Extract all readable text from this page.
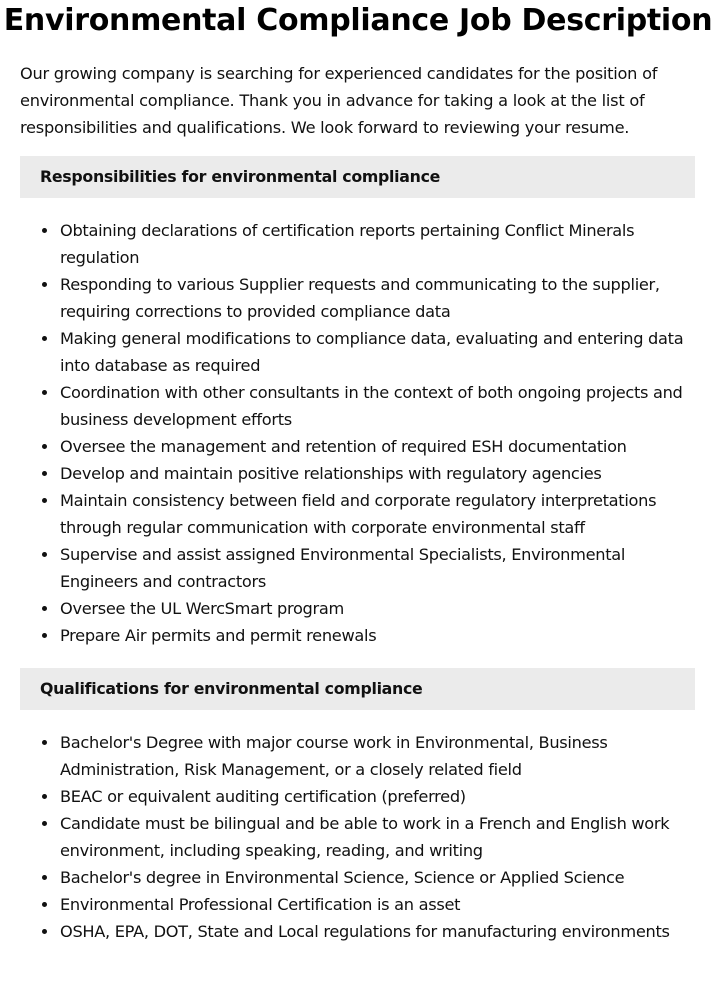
Environmental Compliance Job Description

Our growing company is searching for experienced candidates for the position of environmental compliance. Thank you in advance for taking a look at the list of responsibilities and qualifications. We look forward to reviewing your resume.

Responsibilities for environmental compliance
Obtaining declarations of certification reports pertaining Conflict Minerals regulation
Responding to various Supplier requests and communicating to the supplier, requiring corrections to provided compliance data
Making general modifications to compliance data, evaluating and entering data into database as required
Coordination with other consultants in the context of both ongoing projects and business development efforts
Oversee the management and retention of required ESH documentation
Develop and maintain positive relationships with regulatory agencies
Maintain consistency between field and corporate regulatory interpretations through regular communication with corporate environmental staff
Supervise and assist assigned Environmental Specialists, Environmental Engineers and contractors
Oversee the UL WercSmart program
Prepare Air permits and permit renewals
Qualifications for environmental compliance
Bachelor's Degree with major course work in Environmental, Business Administration, Risk Management, or a closely related field
BEAC or equivalent auditing certification (preferred)
Candidate must be bilingual and be able to work in a French and English work environment, including speaking, reading, and writing
Bachelor's degree in Environmental Science, Science or Applied Science
Environmental Professional Certification is an asset
OSHA, EPA, DOT, State and Local regulations for manufacturing environments
